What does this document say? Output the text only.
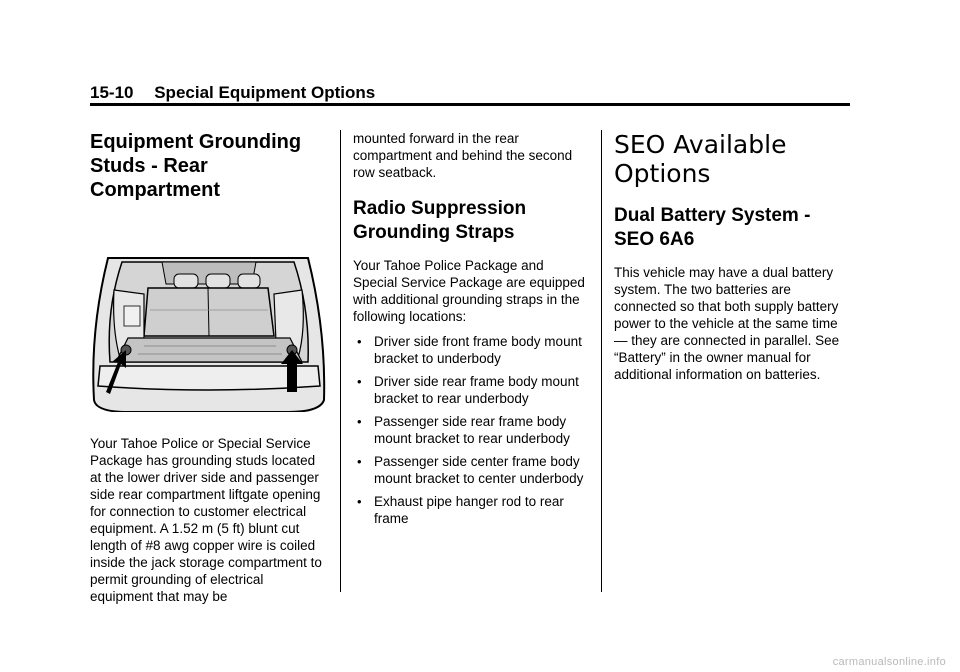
15-10 Special Equipment Options
Equipment Grounding Studs - Rear Compartment

Your Tahoe Police or Special Service Package has grounding studs located at the lower driver side and passenger side rear compartment liftgate opening for connection to customer electrical equipment. A 1.52 m (5 ft) blunt cut length of #8 awg copper wire is coiled inside the jack storage compartment to permit grounding of electrical equipment that may be

mounted forward in the rear compartment and behind the second row seatback.

Radio Suppression Grounding Straps

Your Tahoe Police Package and Special Service Package are equipped with additional grounding straps in the following locations:

• Driver side front frame body mount bracket to underbody
• Driver side rear frame body mount bracket to rear underbody
• Passenger side rear frame body mount bracket to rear underbody
• Passenger side center frame body mount bracket to center underbody
• Exhaust pipe hanger rod to rear frame
SEO Available Options
Dual Battery System - SEO 6A6

This vehicle may have a dual battery system. The two batteries are connected so that both supply battery power to the vehicle at the same time — they are connected in parallel. See “Battery” in the owner manual for additional information on batteries.

carmanualsonline.info
